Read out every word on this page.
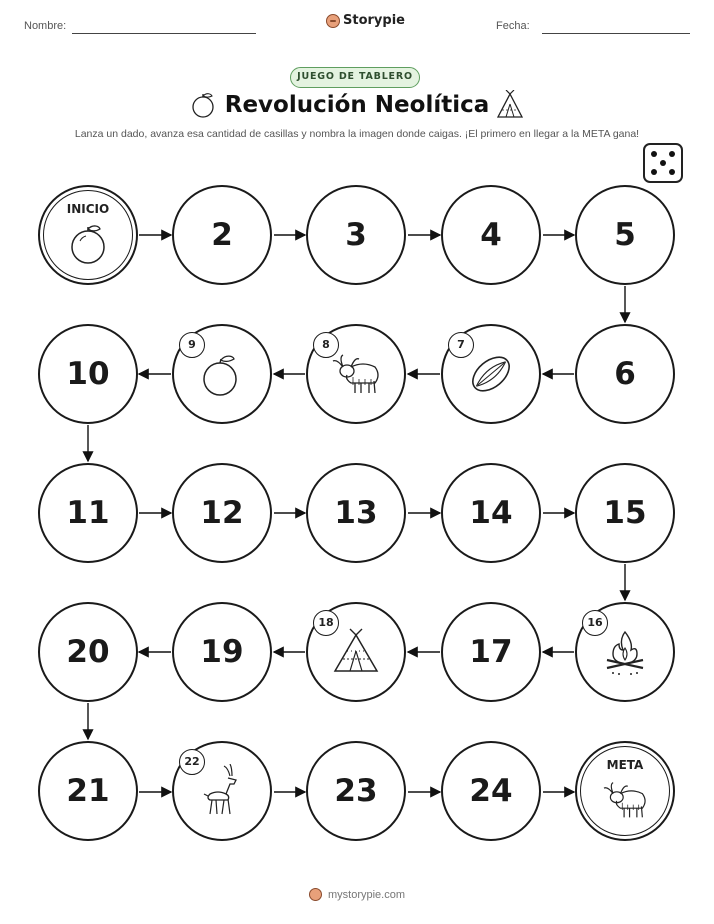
Nombre:	Storypie	Fecha:
JUEGO DE TABLERO
Revolución Neolítica
Lanza un dado, avanza esa cantidad de casillas y nombra la imagen donde caigas. ¡El primero en llegar a la META gana!
INICIO
2	3	4	5
6
7
8
9
10
11	12	13	14	15
16
17
18
19
20
21
22
23	24
META
mystorypie.com
